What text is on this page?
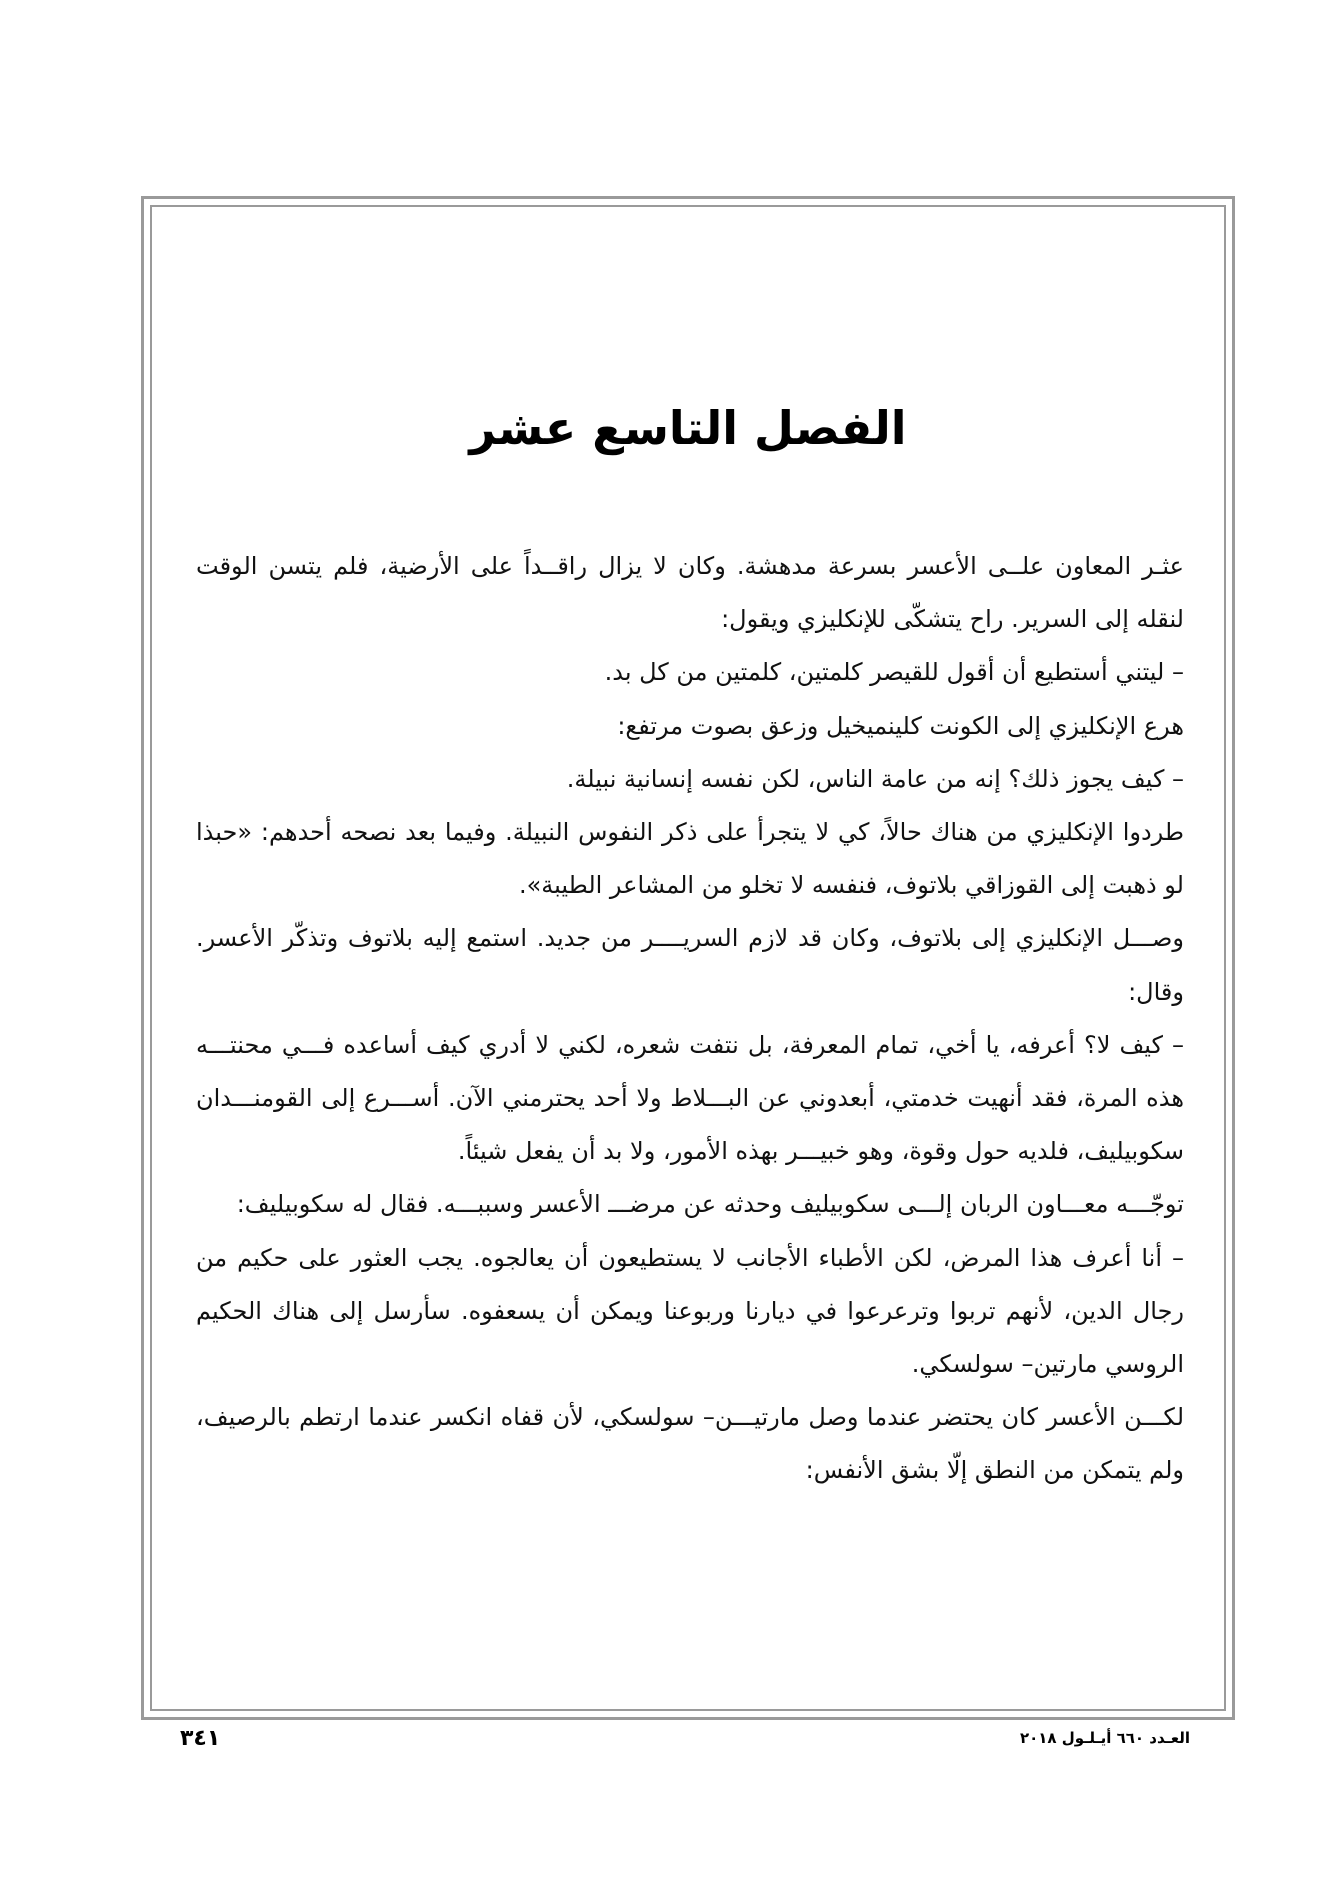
الفصل التاسع عشر

عثـر المعاون علــى الأعسر بسرعة مدهشة. وكان لا يزال راقــداً على الأرضية، فلم يتسن الوقت لنقله إلى السرير. راح يتشكّى للإنكليزي ويقول:

– ليتني أستطيع أن أقول للقيصر كلمتين، كلمتين من كل بد.

هرع الإنكليزي إلى الكونت كلينميخيل وزعق بصوت مرتفع:

– كيف يجوز ذلك؟ إنه من عامة الناس، لكن نفسه إنسانية نبيلة.

طردوا الإنكليزي من هناك حالاً، كي لا يتجرأ على ذكر النفوس النبيلة. وفيما بعد نصحه أحدهم: «حبذا لو ذهبت إلى القوزاقي بلاتوف، فنفسه لا تخلو من المشاعر الطيبة».

وصـــل الإنكليزي إلى بلاتوف، وكان قد لازم السريــــر من جديد. استمع إليه بلاتوف وتذكّر الأعسر. وقال:

– كيف لا؟ أعرفه، يا أخي، تمام المعرفة، بل نتفت شعره، لكني لا أدري كيف أساعده فـــي محنتـــه هذه المرة، فقد أنهيت خدمتي، أبعدوني عن البـــلاط ولا أحد يحترمني الآن. أســـرع إلى القومنـــدان سكوبيليف، فلديه حول وقوة، وهو خبيـــر بهذه الأمور، ولا بد أن يفعل شيئاً.

توجّـــه معـــاون الربان إلـــى سكوبيليف وحدثه عن مرضـــ الأعسر وسببـــه. فقال له سكوبيليف:

– أنا أعرف هذا المرض، لكن الأطباء الأجانب لا يستطيعون أن يعالجوه. يجب العثور على حكيم من رجال الدين، لأنهم تربوا وترعرعوا في ديارنا وربوعنا ويمكن أن يسعفوه. سأرسل إلى هناك الحكيم الروسي مارتين– سولسكي.

لكـــن الأعسر كان يحتضر عندما وصل مارتيـــن– سولسكي، لأن قفاه انكسر عندما ارتطم بالرصيف، ولم يتمكن من النطق إلّا بشق الأنفس:

٣٤١	العـدد ٦٦٠ أيـلـول ٢٠١٨
